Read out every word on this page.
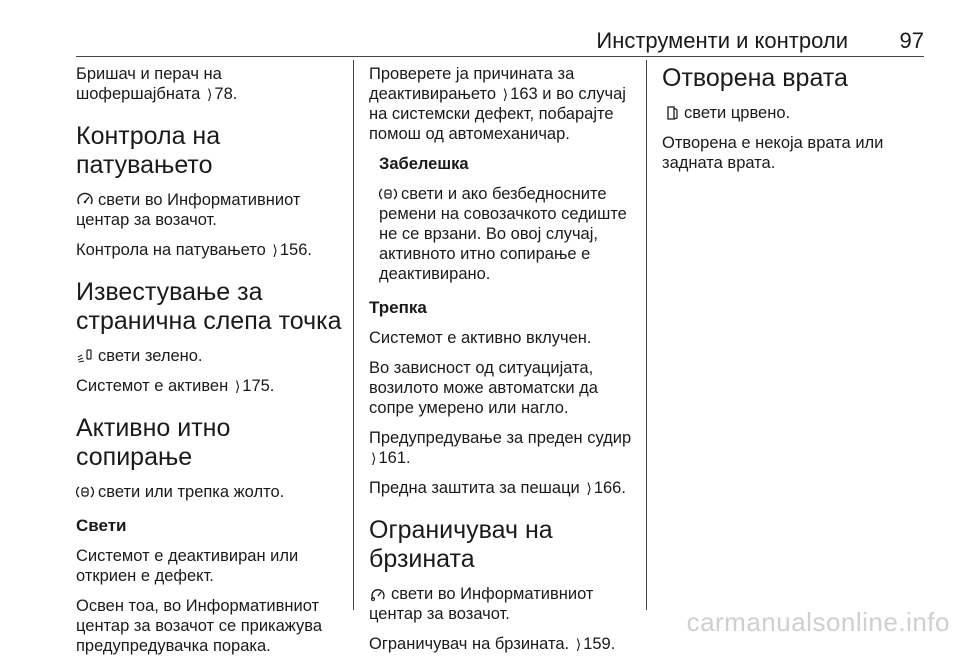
Инструменти и контроли 97

Бришач и перач на шофершајбната ⟩ 78.

Контрола на патувањето

свети во Информативниот центар за возачот.

Контрола на патувањето ⟩ 156.

Известување за странична слепа точка

свети зелено.

Системот е активен ⟩ 175.

Активно итно сопирање

свети или трепка жолто.

Свети

Системот е деактивиран или откриен е дефект.

Освен тоа, во Информативниот центар за возачот се прикажува предупредувачка порака.

Проверете ја причината за деактивирањето ⟩ 163 и во случај на системски дефект, побарајте помош од автомеханичар.

Забелешка

свети и ако безбедносните ремени на совозачкото седиште не се врзани. Во овој случај, активното итно сопирање е деактивирано.

Трепка

Системот е активно вклучен.

Во зависност од ситуацијата, возилото може автоматски да сопре умерено или нагло.

Предупредување за преден судир ⟩ 161.

Предна заштита за пешаци ⟩ 166.

Ограничувач на брзината

свети во Информативниот центар за возачот.

Ограничувач на брзината. ⟩ 159.

Отворена врата

свети црвено.

Отворена е некоја врата или задната врата.

carmanualsonline.info
